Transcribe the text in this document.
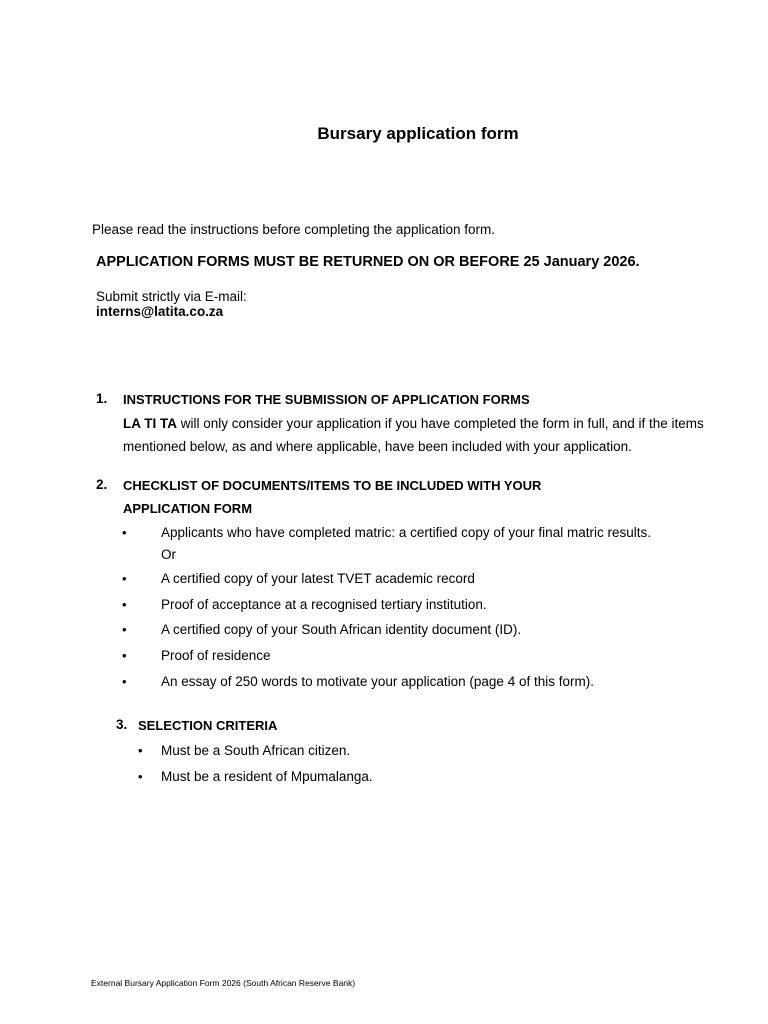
Bursary application form
Please read the instructions before completing the application form.
APPLICATION FORMS MUST BE RETURNED ON OR BEFORE 25 January 2026.
Submit strictly via E-mail:
interns@latita.co.za
1. INSTRUCTIONS FOR THE SUBMISSION OF APPLICATION FORMS
LA TI TA will only consider your application if you have completed the form in full, and if the items
mentioned below, as and where applicable, have been included with your application.
2. CHECKLIST OF DOCUMENTS/ITEMS TO BE INCLUDED WITH YOUR
APPLICATION FORM
•	Applicants who have completed matric: a certified copy of your final matric results.
Or
•	A certified copy of your latest TVET academic record
•	Proof of acceptance at a recognised tertiary institution.
•	A certified copy of your South African identity document (ID).
•	Proof of residence
•	An essay of 250 words to motivate your application (page 4 of this form).
3. SELECTION CRITERIA
• Must be a South African citizen.
• Must be a resident of Mpumalanga.
External Bursary Application Form 2026 (South African Reserve Bank)
